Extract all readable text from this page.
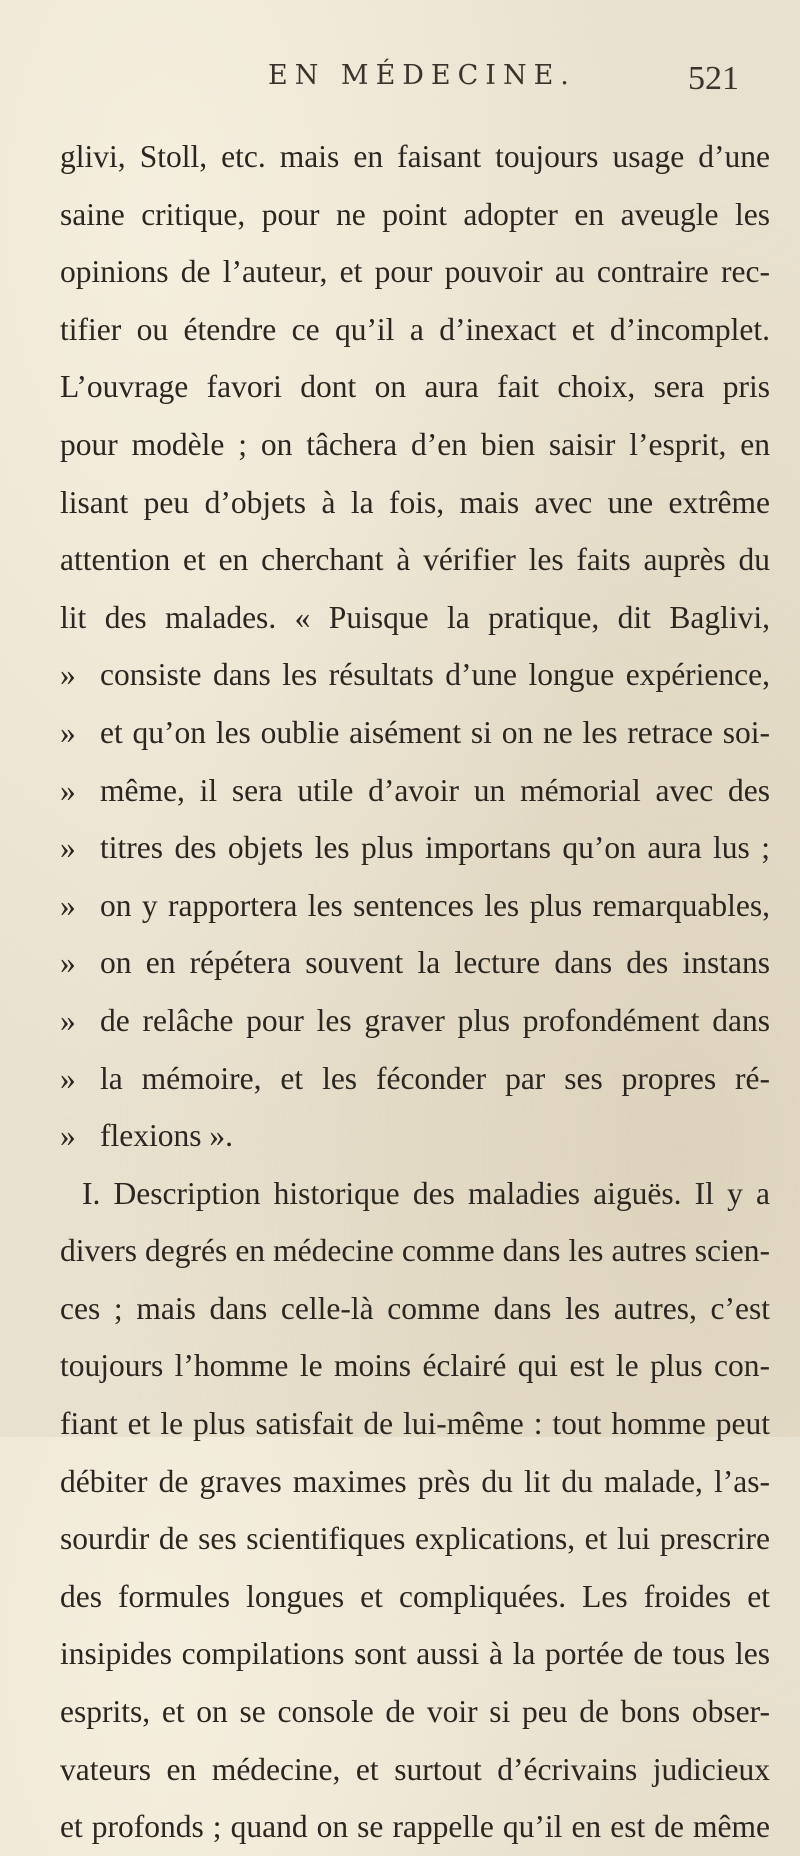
EN MÉDECINE.	521
glivi, Stoll, etc. mais en faisant toujours usage d’une
saine critique, pour ne point adopter en aveugle les
opinions de l’auteur, et pour pouvoir au contraire rec-
tifier ou étendre ce qu’il a d’inexact et d’incomplet.
L’ouvrage favori dont on aura fait choix, sera pris
pour modèle ; on tâchera d’en bien saisir l’esprit, en
lisant peu d’objets à la fois, mais avec une extrême
attention et en cherchant à vérifier les faits auprès du
lit des malades. « Puisque la pratique, dit Baglivi,
» consiste dans les résultats d’une longue expérience,
» et qu’on les oublie aisément si on ne les retrace soi-
» même, il sera utile d’avoir un mémorial avec des
» titres des objets les plus importans qu’on aura lus ;
» on y rapportera les sentences les plus remarquables,
» on en répétera souvent la lecture dans des instans
» de relâche pour les graver plus profondément dans
» la mémoire, et les féconder par ses propres ré-
» flexions ».
I. Description historique des maladies aiguës. Il y a
divers degrés en médecine comme dans les autres scien-
ces ; mais dans celle-là comme dans les autres, c’est
toujours l’homme le moins éclairé qui est le plus con-
fiant et le plus satisfait de lui-même : tout homme peut
débiter de graves maximes près du lit du malade, l’as-
sourdir de ses scientifiques explications, et lui prescrire
des formules longues et compliquées. Les froides et
insipides compilations sont aussi à la portée de tous les
esprits, et on se console de voir si peu de bons obser-
vateurs en médecine, et surtout d’écrivains judicieux
et profonds ; quand on se rappelle qu’il en est de même
